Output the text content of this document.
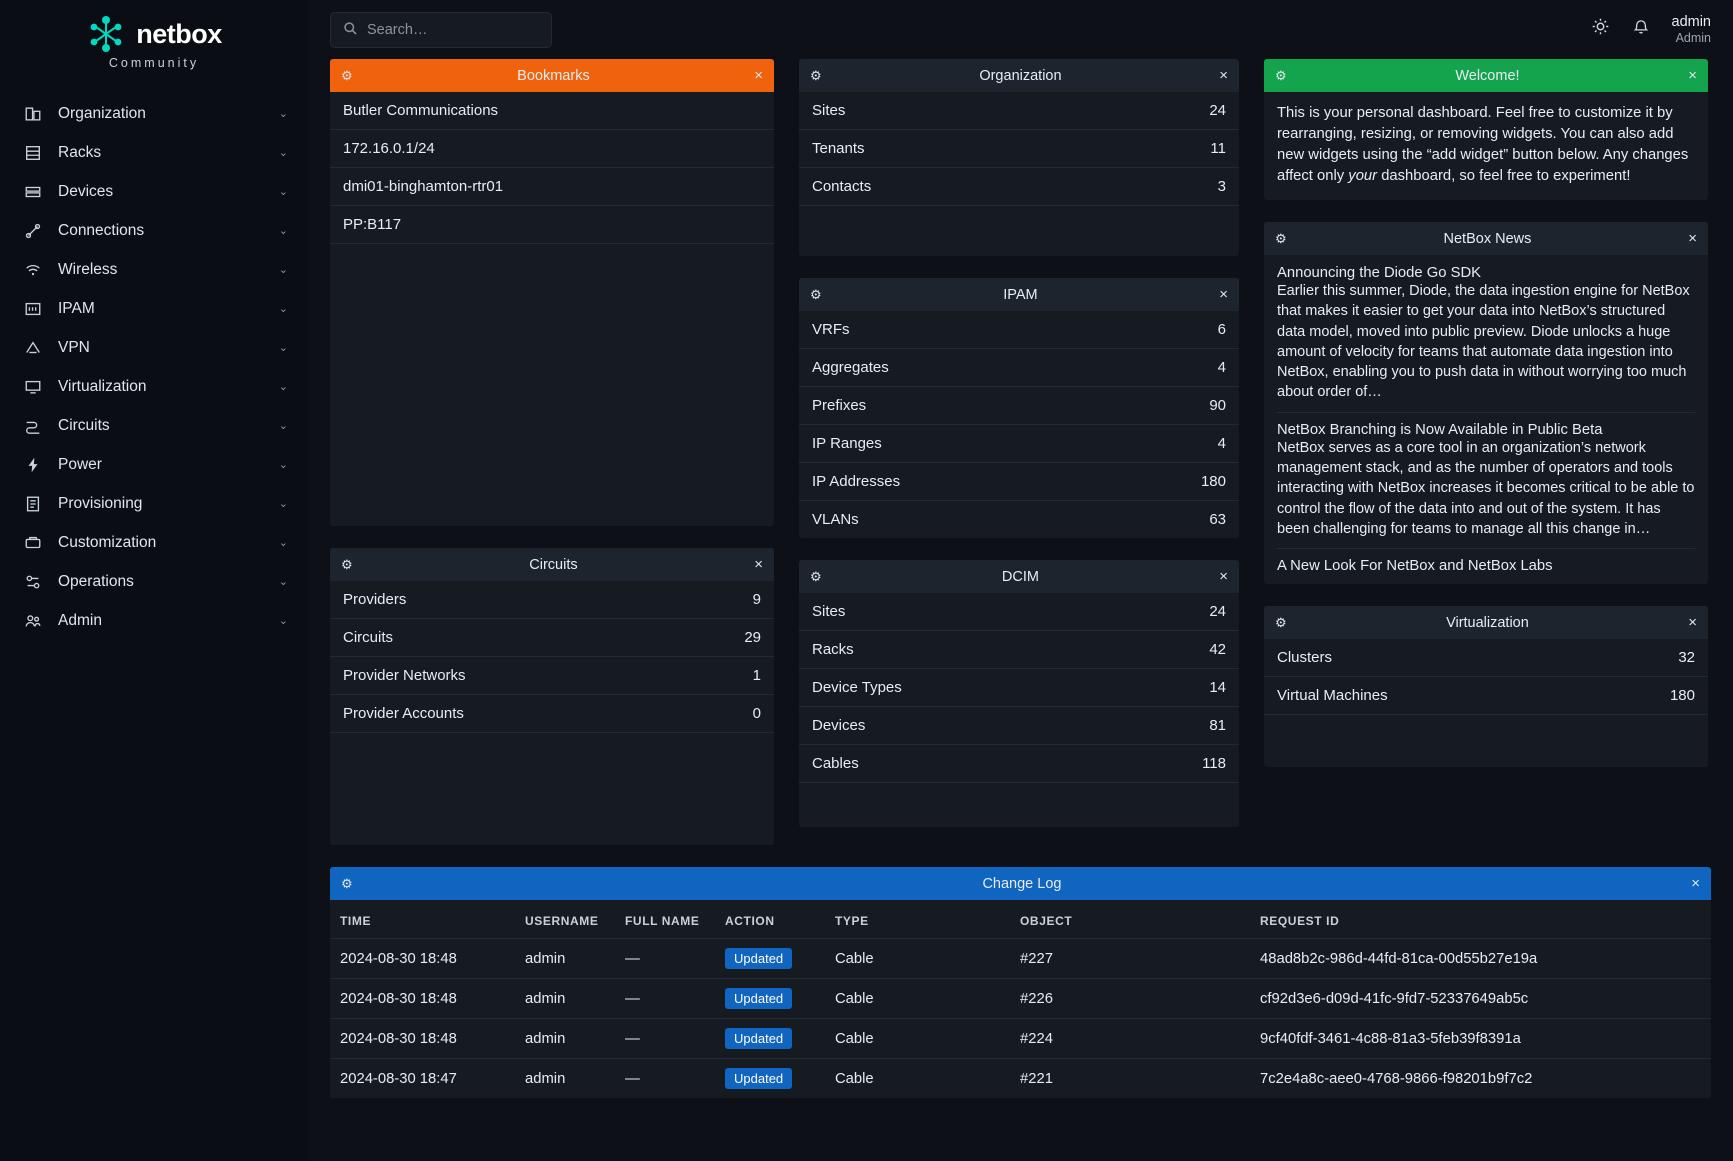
netbox
Community
Organization	⌄
Racks	⌄
Devices	⌄
Connections	⌄
Wireless	⌄
IPAM	⌄
VPN	⌄
Virtualization	⌄
Circuits	⌄
Power	⌄
Provisioning	⌄
Customization	⌄
Operations	⌄
Admin	⌄
Search…
admin
Admin
⚙	Bookmarks	×
Butler Communications
172.16.0.1/24
dmi01-binghamton-rtr01
PP:B117
⚙	Circuits	×
Providers	9
Circuits	29
Provider Networks	1
Provider Accounts	0
⚙	Organization	×
Sites	24
Tenants	11
Contacts	3
⚙	IPAM	×
VRFs	6
Aggregates	4
Prefixes	90
IP Ranges	4
IP Addresses	180
VLANs	63
⚙	DCIM	×
Sites	24
Racks	42
Device Types	14
Devices	81
Cables	118
⚙	Welcome!	×
This is your personal dashboard. Feel free to customize it by rearranging, resizing, or removing widgets. You can also add new widgets using the “add widget” button below. Any changes affect only your dashboard, so feel free to experiment!
⚙	NetBox News	×
Announcing the Diode Go SDK
Earlier this summer, Diode, the data ingestion engine for NetBox that makes it easier to get your data into NetBox’s structured data model, moved into public preview. Diode unlocks a huge amount of velocity for teams that automate data ingestion into NetBox, enabling you to push data in without worrying too much about order of…
NetBox Branching is Now Available in Public Beta
NetBox serves as a core tool in an organization’s network management stack, and as the number of operators and tools interacting with NetBox increases it becomes critical to be able to control the flow of the data into and out of the system. It has been challenging for teams to manage all this change in…
A New Look For NetBox and NetBox Labs
⚙	Virtualization	×
Clusters	32
Virtual Machines	180
⚙	Change Log	×
TIME	USERNAME	FULL NAME	ACTION	TYPE	OBJECT	REQUEST ID
2024-08-30 18:48	admin	—	Updated	Cable	#227	48ad8b2c-986d-44fd-81ca-00d55b27e19a
2024-08-30 18:48	admin	—	Updated	Cable	#226	cf92d3e6-d09d-41fc-9fd7-52337649ab5c
2024-08-30 18:48	admin	—	Updated	Cable	#224	9cf40fdf-3461-4c88-81a3-5feb39f8391a
2024-08-30 18:47	admin	—	Updated	Cable	#221	7c2e4a8c-aee0-4768-9866-f98201b9f7c2
